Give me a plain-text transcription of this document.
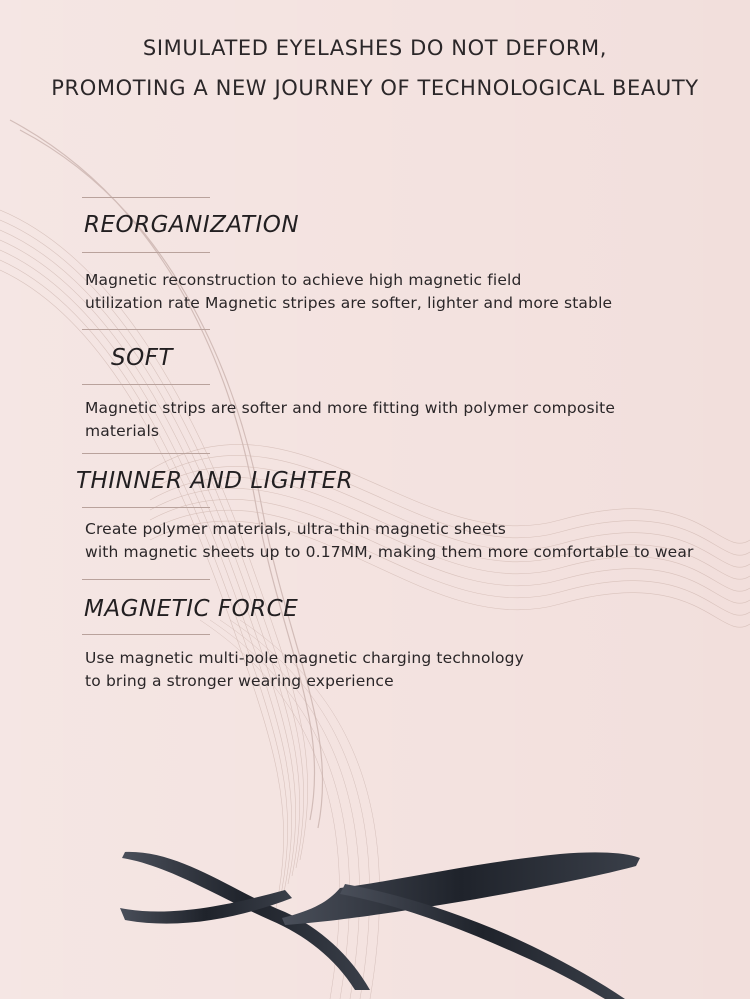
SIMULATED EYELASHES DO NOT DEFORM,
PROMOTING A NEW JOURNEY OF TECHNOLOGICAL BEAUTY
REORGANIZATION
Magnetic reconstruction to achieve high magnetic field
utilization rate Magnetic stripes are softer, lighter and more stable
SOFT
Magnetic strips are softer and more fitting with polymer composite
materials
THINNER AND LIGHTER
Create polymer materials, ultra-thin magnetic sheets
with magnetic sheets up to 0.17MM, making them more comfortable to wear
MAGNETIC FORCE
Use magnetic multi-pole magnetic charging technology
to bring a stronger wearing experience
